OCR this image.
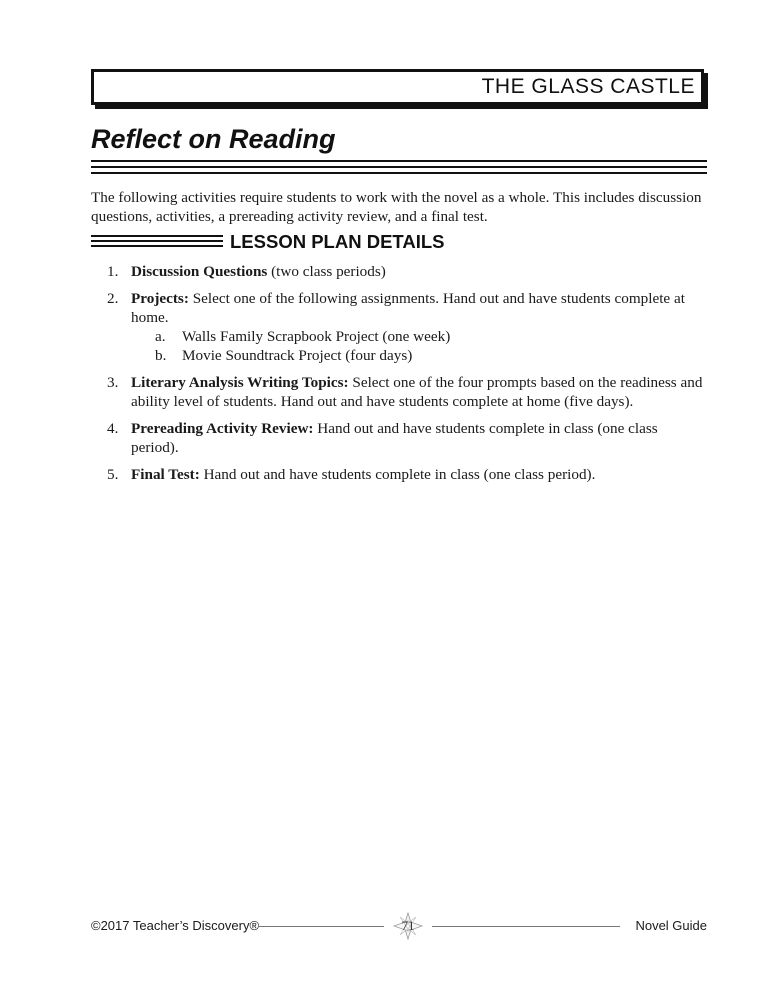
THE GLASS CASTLE
Reflect on Reading

The following activities require students to work with the novel as a whole. This includes discussion questions, activities, a prereading activity review, and a final test.

LESSON PLAN DETAILS
1. Discussion Questions (two class periods)
2. Projects: Select one of the following assignments. Hand out and have students complete at home.
a. Walls Family Scrapbook Project (one week)
b. Movie Soundtrack Project (four days)
3. Literary Analysis Writing Topics: Select one of the four prompts based on the readiness and ability level of students. Hand out and have students complete at home (five days).
4. Prereading Activity Review: Hand out and have students complete in class (one class period).
5. Final Test: Hand out and have students complete in class (one class period).
©2017 Teacher’s Discovery®	71	Novel Guide
